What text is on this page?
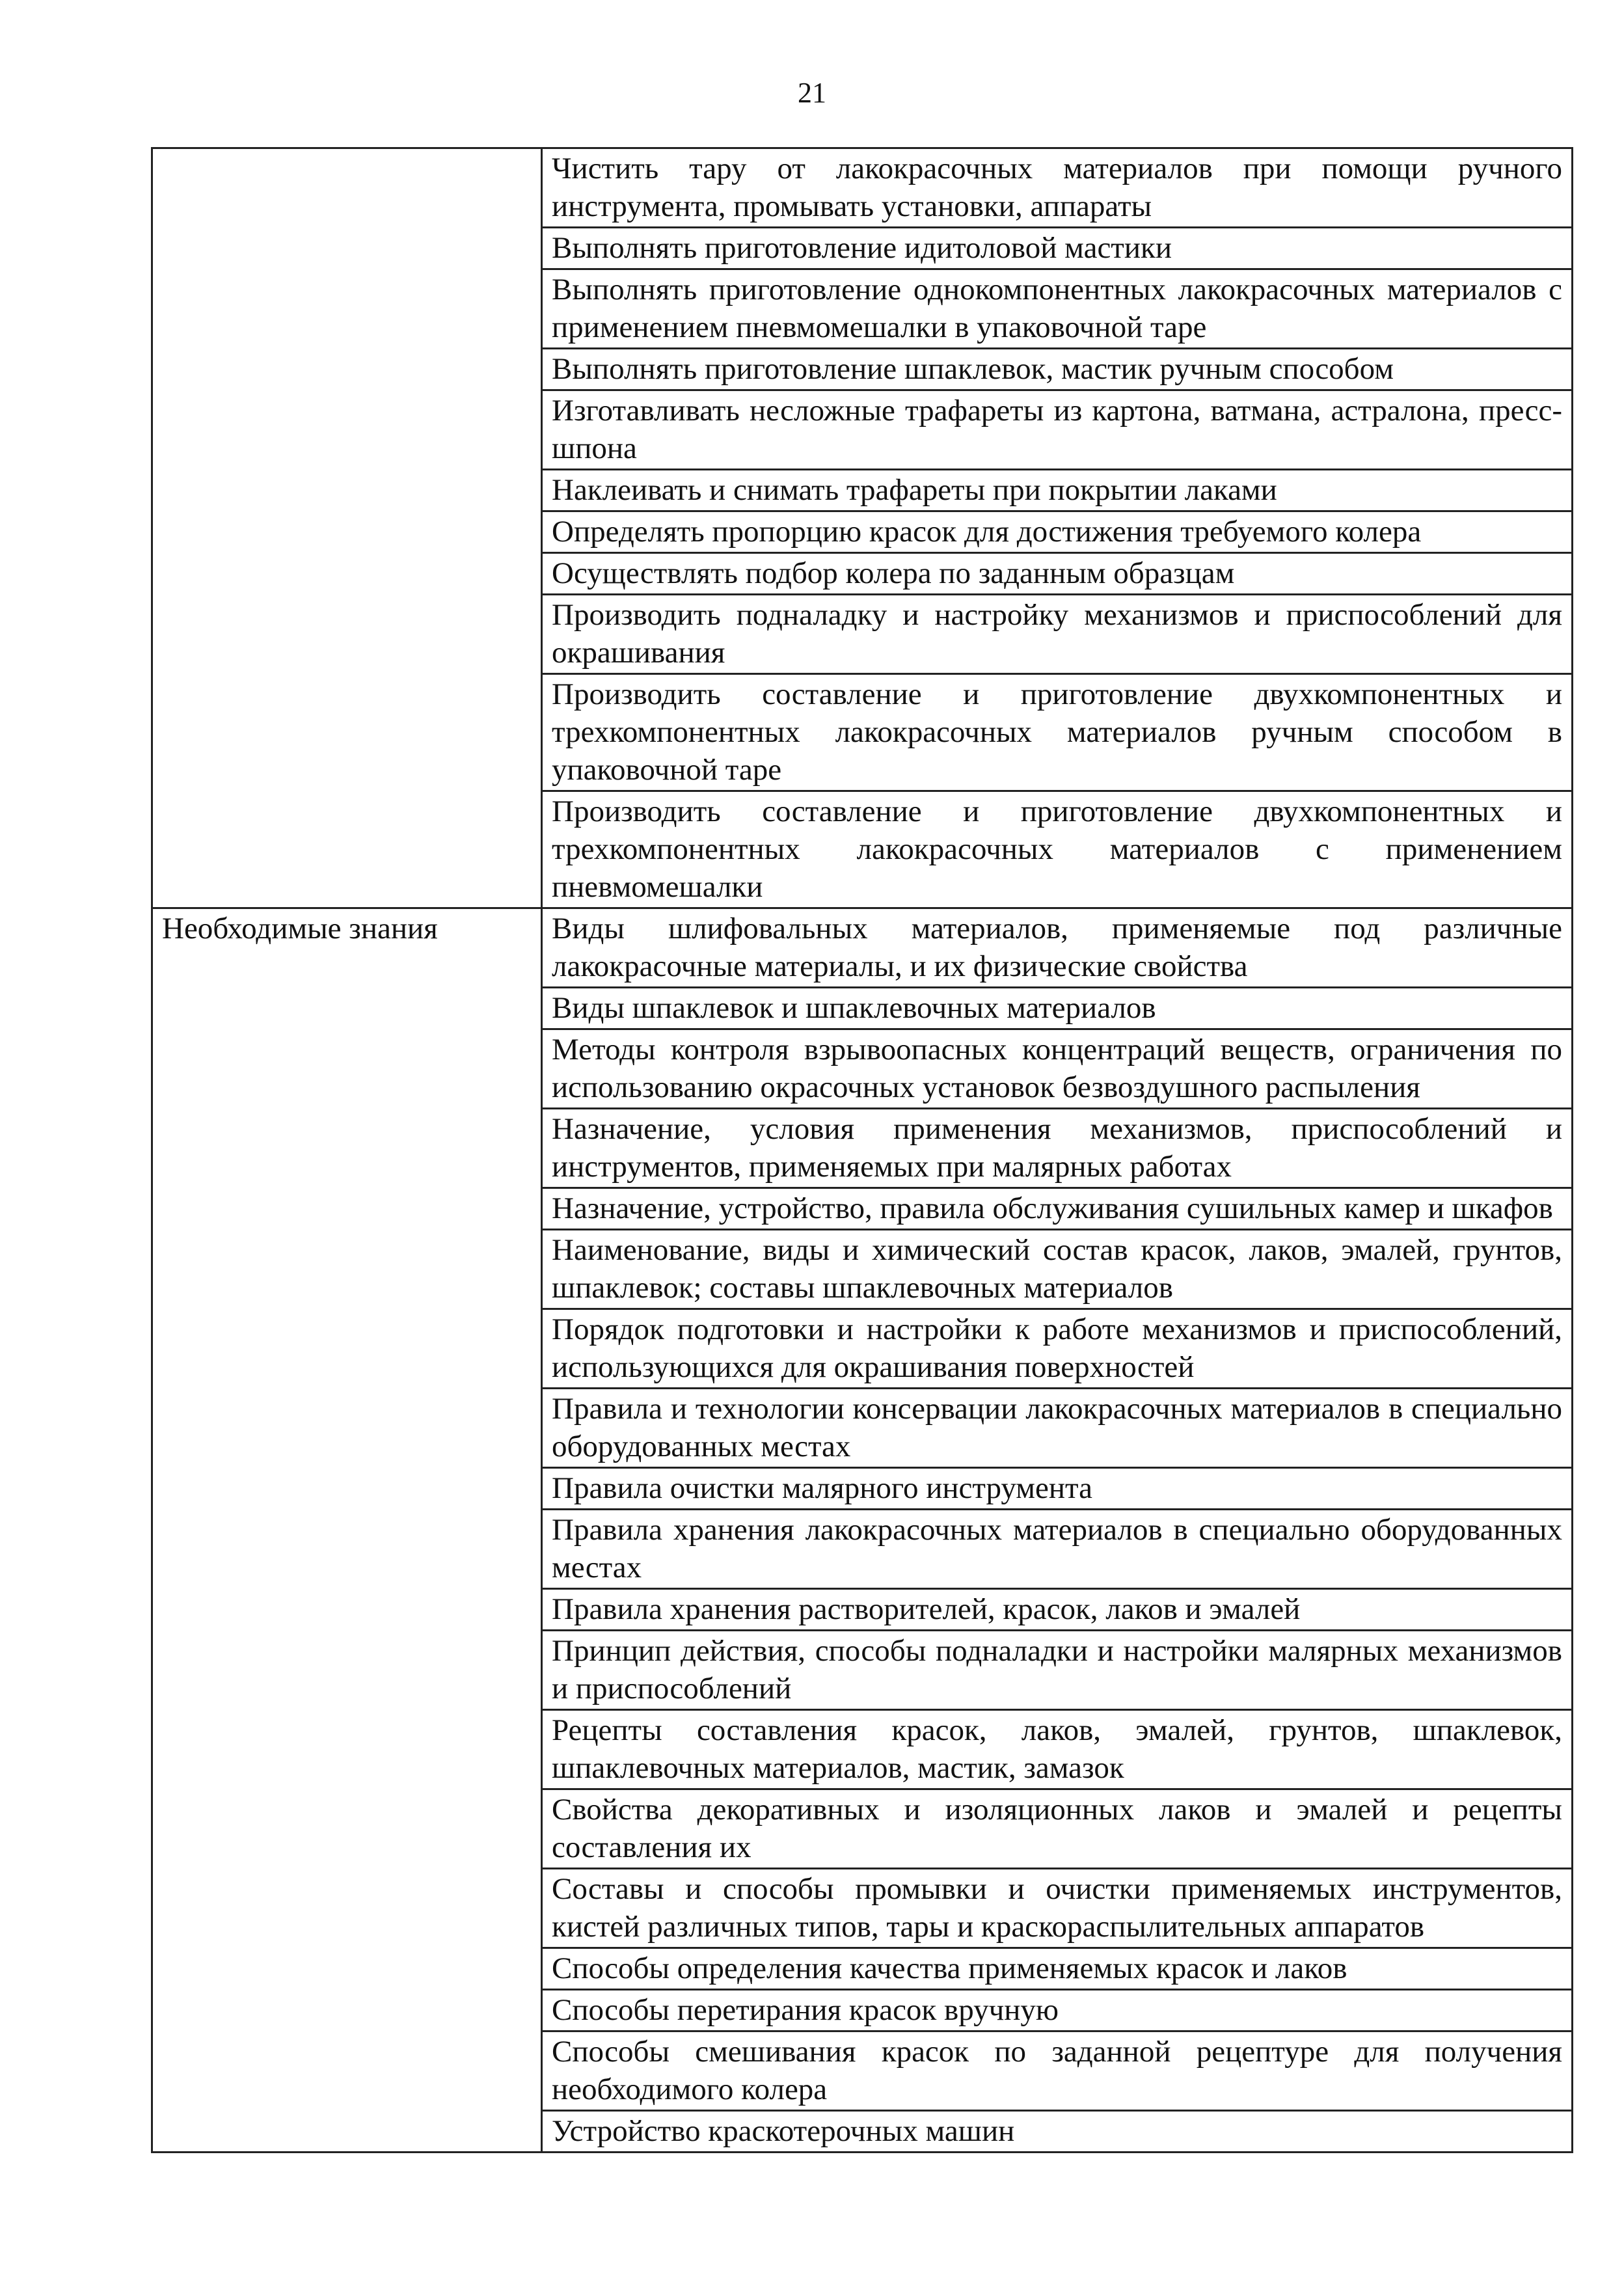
21
	Чистить тару от лакокрасочных материалов при помощи ручного инструмента, промывать установки, аппараты
	Выполнять приготовление идитоловой мастики
	Выполнять приготовление однокомпонентных лакокрасочных материалов с применением пневмомешалки в упаковочной таре
	Выполнять приготовление шпаклевок, мастик ручным способом
	Изготавливать несложные трафареты из картона, ватмана, астралона, пресс-шпона
	Наклеивать и снимать трафареты при покрытии лаками
	Определять пропорцию красок для достижения требуемого колера
	Осуществлять подбор колера по заданным образцам
	Производить подналадку и настройку механизмов и приспособлений для окрашивания
	Производить составление и приготовление двухкомпонентных и трехкомпонентных лакокрасочных материалов ручным способом в упаковочной таре
	Производить составление и приготовление двухкомпонентных и трехкомпонентных лакокрасочных материалов с применением пневмомешалки
Необходимые знания	Виды шлифовальных материалов, применяемые под различные лакокрасочные материалы, и их физические свойства
	Виды шпаклевок и шпаклевочных материалов
	Методы контроля взрывоопасных концентраций веществ, ограничения по использованию окрасочных установок безвоздушного распыления
	Назначение, условия применения механизмов, приспособлений и инструментов, применяемых при малярных работах
	Назначение, устройство, правила обслуживания сушильных камер и шкафов
	Наименование, виды и химический состав красок, лаков, эмалей, грунтов, шпаклевок; составы шпаклевочных материалов
	Порядок подготовки и настройки к работе механизмов и приспособлений, использующихся для окрашивания поверхностей
	Правила и технологии консервации лакокрасочных материалов в специально оборудованных местах
	Правила очистки малярного инструмента
	Правила хранения лакокрасочных материалов в специально оборудованных местах
	Правила хранения растворителей, красок, лаков и эмалей
	Принцип действия, способы подналадки и настройки малярных механизмов и приспособлений
	Рецепты составления красок, лаков, эмалей, грунтов, шпаклевок, шпаклевочных материалов, мастик, замазок
	Свойства декоративных и изоляционных лаков и эмалей и рецепты составления их
	Составы и способы промывки и очистки применяемых инструментов, кистей различных типов, тары и краскораспылительных аппаратов
	Способы определения качества применяемых красок и лаков
	Способы перетирания красок вручную
	Способы смешивания красок по заданной рецептуре для получения необходимого колера
	Устройство краскотерочных машин
